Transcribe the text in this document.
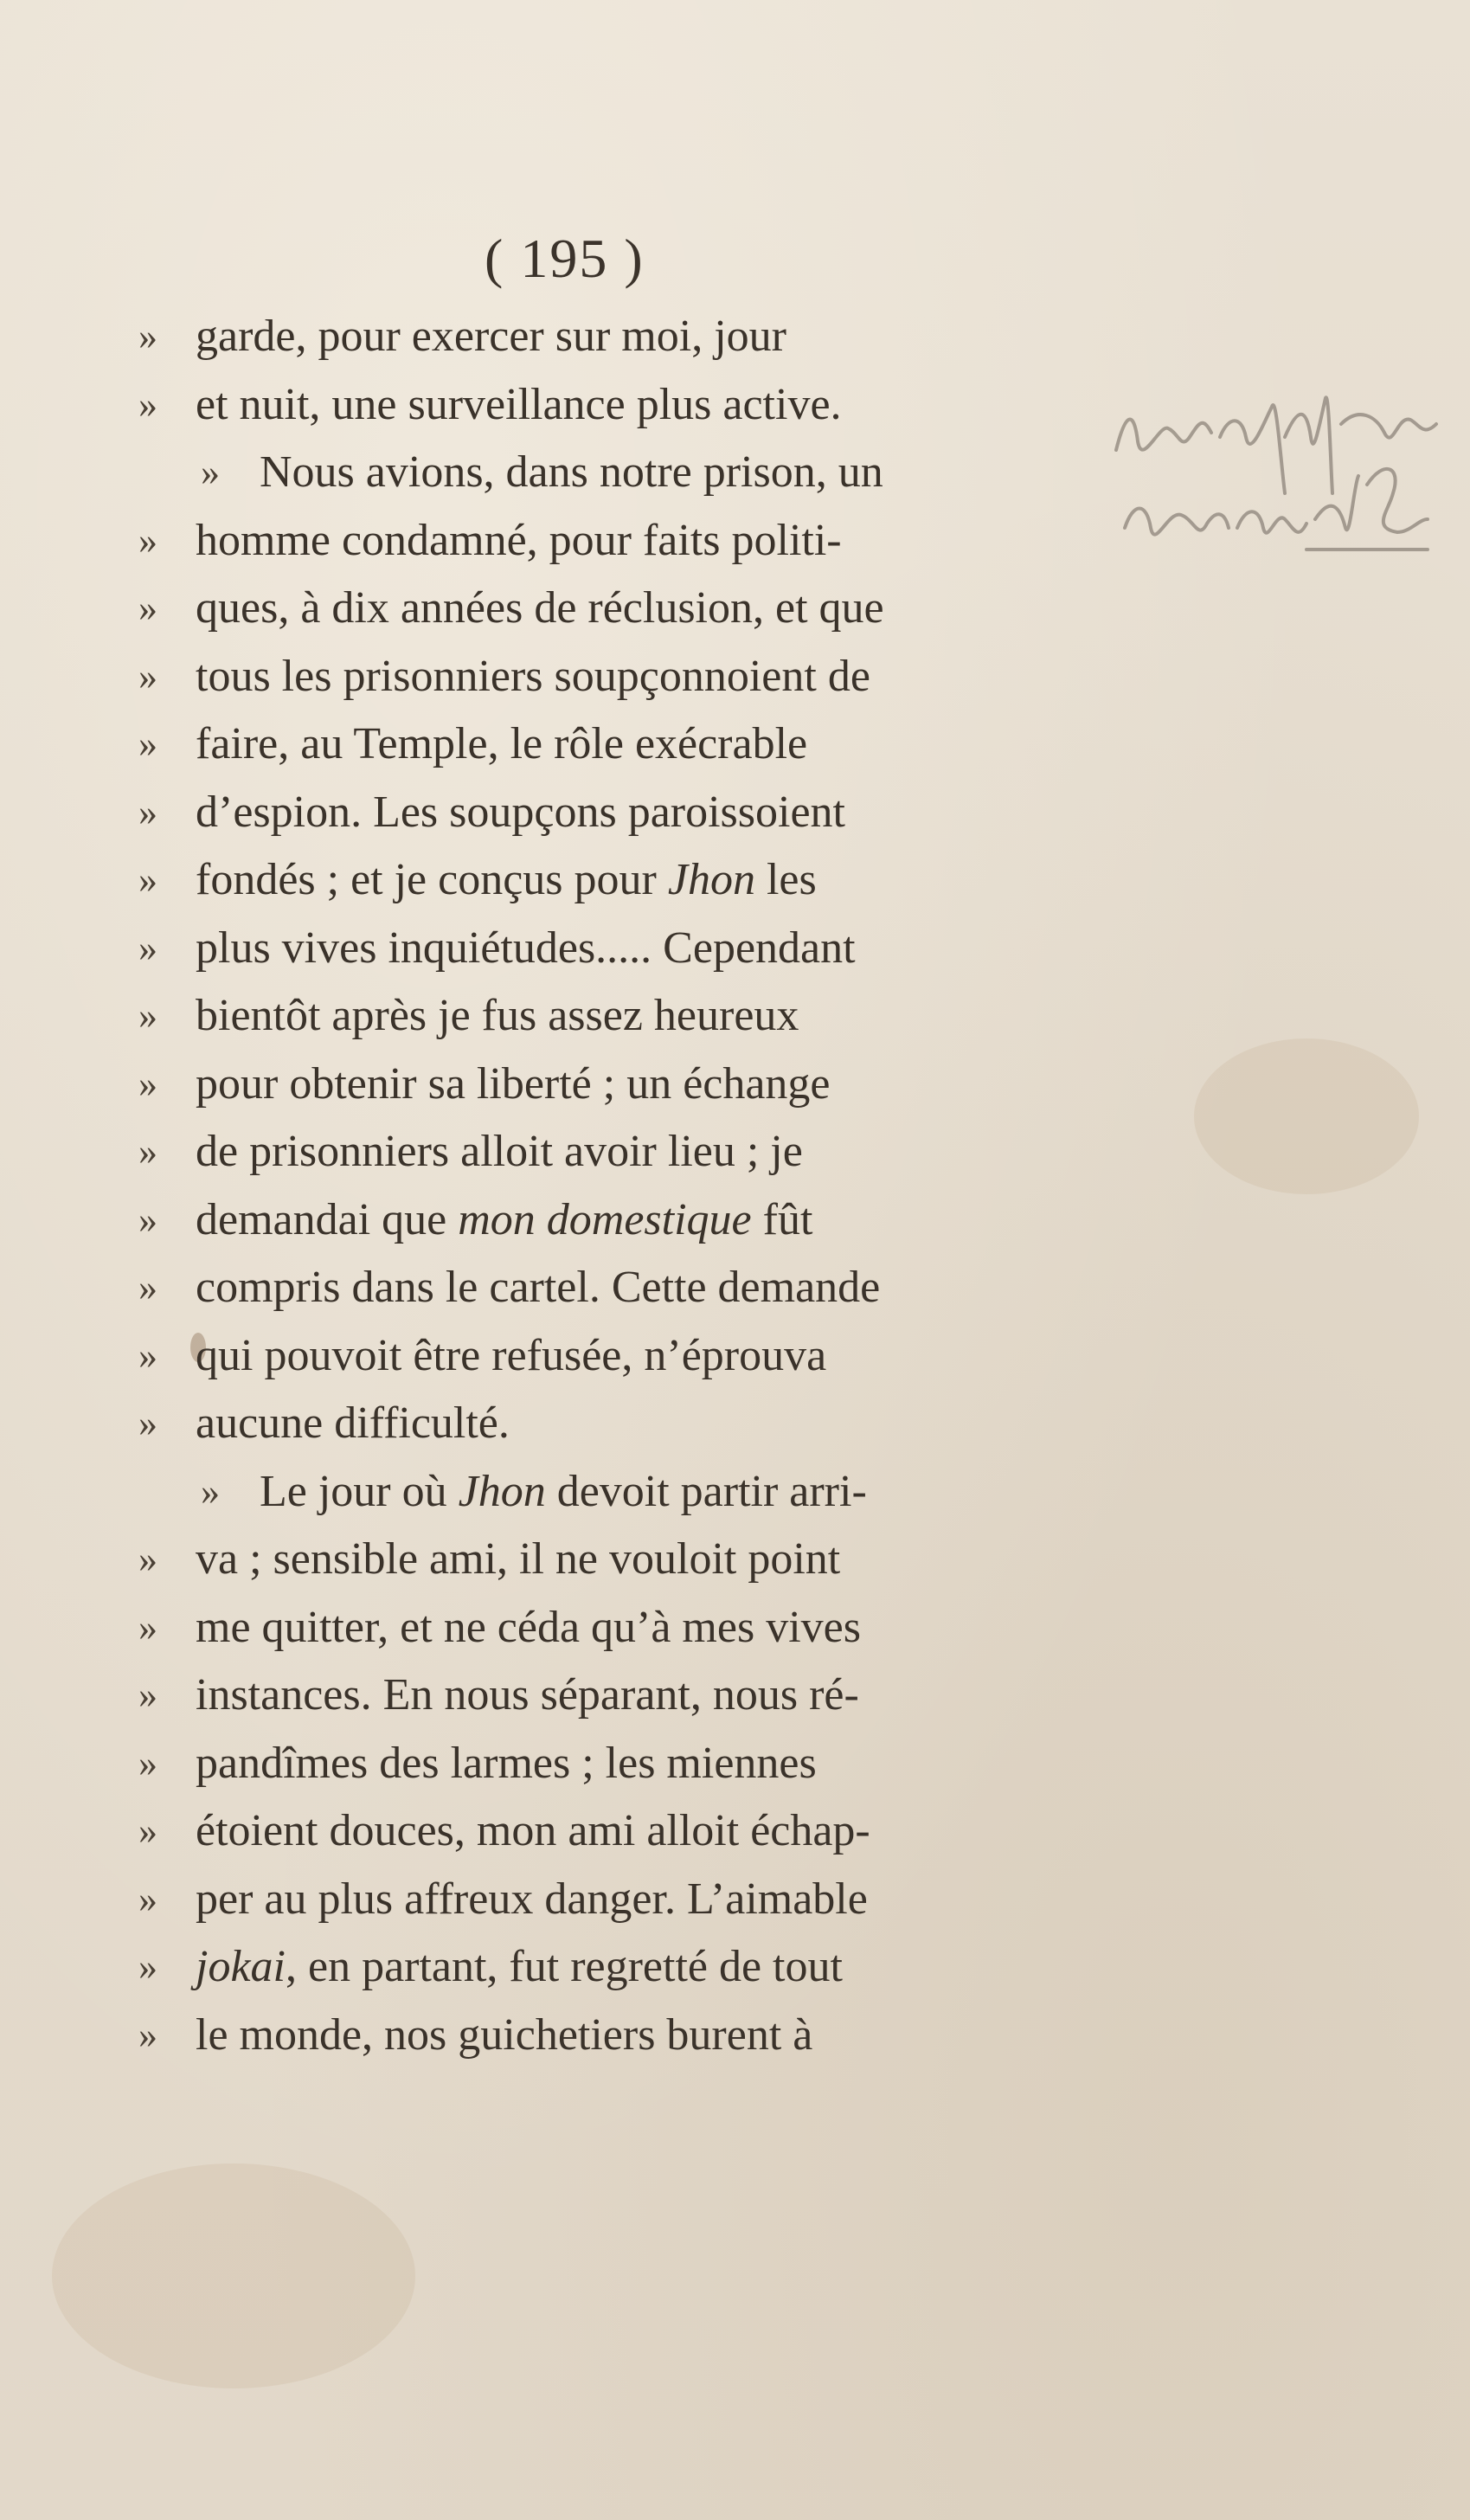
( 195 )
» garde, pour exercer sur moi, jour
» et nuit, une surveillance plus active.
» Nous avions, dans notre prison, un
» homme condamné, pour faits politi-
» ques, à dix années de réclusion, et que
» tous les prisonniers soupçonnoient de
» faire, au Temple, le rôle exécrable
» d’espion. Les soupçons paroissoient
» fondés ; et je conçus pour Jhon les
» plus vives inquiétudes..... Cependant
» bientôt après je fus assez heureux
» pour obtenir sa liberté ; un échange
» de prisonniers alloit avoir lieu ; je
» demandai que mon domestique fût
» compris dans le cartel. Cette demande
» qui pouvoit être refusée, n’éprouva
» aucune difficulté.
» Le jour où Jhon devoit partir arri-
» va ; sensible ami, il ne vouloit point
» me quitter, et ne céda qu’à mes vives
» instances. En nous séparant, nous ré-
» pandîmes des larmes ; les miennes
» étoient douces, mon ami alloit échap-
» per au plus affreux danger. L’aimable
» jokai, en partant, fut regretté de tout
» le monde, nos guichetiers burent à
